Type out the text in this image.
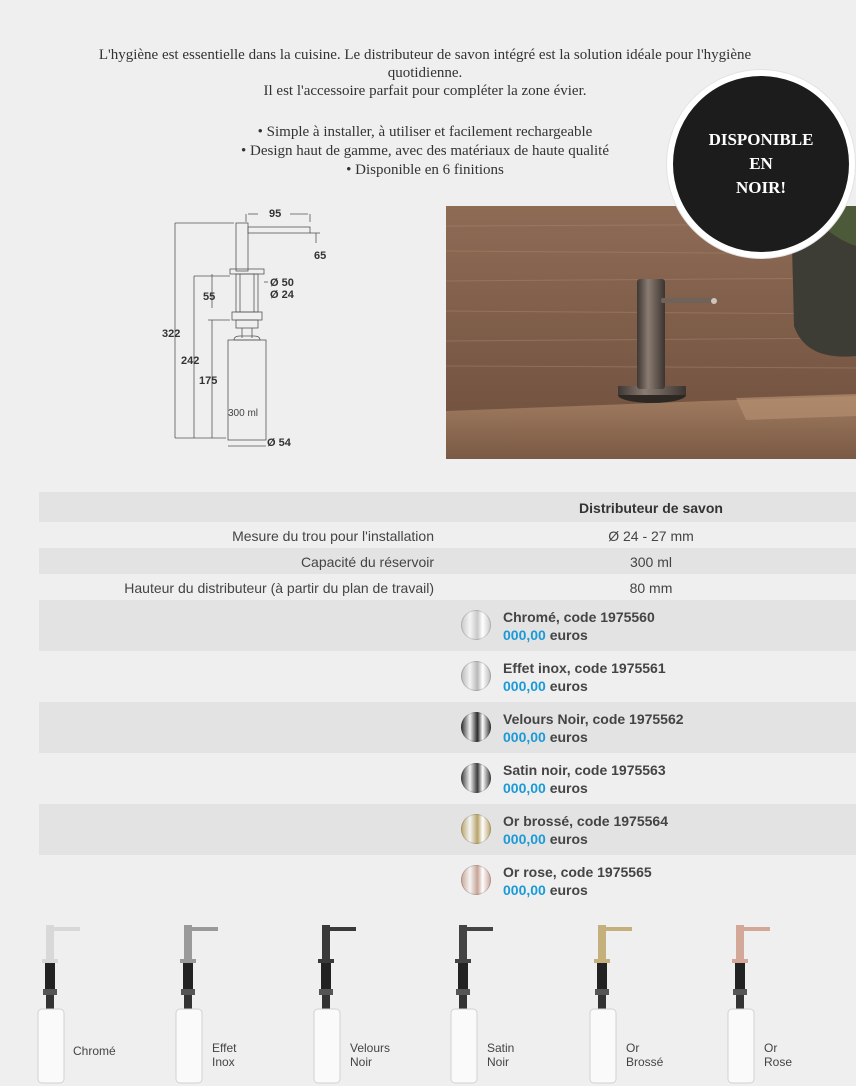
L'hygiène est essentielle dans la cuisine. Le distributeur de savon intégré est la solution idéale pour l'hygiène

quotidienne.

Il est l'accessoire parfait pour compléter la zone évier.

• Simple à installer, à utiliser et facilement rechargeable
• Design haut de gamme, avec des matériaux de haute qualité
• Disponible en 6 finitions
DISPONIBLE
EN
NOIR!
95
65
Ø 50
Ø 24
55
322
242
175
Ø 54
300 ml
Distributeur de savon
Mesure du trou pour l'installation	Ø 24 - 27 mm
Capacité du réservoir	300 ml
Hauteur du distributeur (à partir du plan de travail)	80 mm
Chromé, code 1975560
000,00 euros
Effet inox, code 1975561
000,00 euros
Velours Noir, code 1975562
000,00 euros
Satin noir, code 1975563
000,00 euros
Or brossé, code 1975564
000,00 euros
Or rose, code 1975565
000,00 euros
Chromé	Effet
Inox
Velours
Noir
Satin
Noir
Or
Brossé
Or
Rose
